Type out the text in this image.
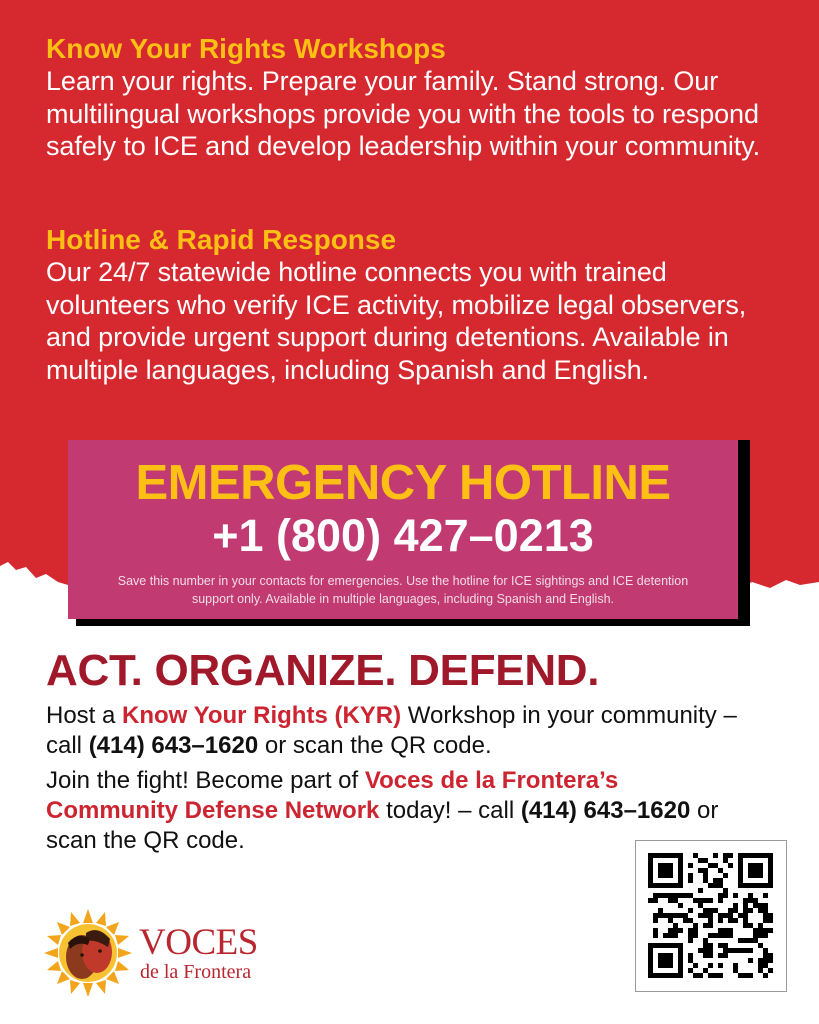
Know Your Rights Workshops

Learn your rights. Prepare your family. Stand strong. Our multilingual workshops provide you with the tools to respond safely to ICE and develop leadership within your community.

Hotline & Rapid Response

Our 24/7 statewide hotline connects you with trained volunteers who verify ICE activity, mobilize legal observers, and provide urgent support during detentions. Available in multiple languages, including Spanish and English.

EMERGENCY HOTLINE

+1 (800) 427–0213

Save this number in your contacts for emergencies. Use the hotline for ICE sightings and ICE detention support only. Available in multiple languages, including Spanish and English.

ACT. ORGANIZE. DEFEND.

Host a Know Your Rights (KYR) Workshop in your community – call (414) 643–1620 or scan the QR code.

Join the fight! Become part of Voces de la Frontera’s Community Defense Network today! – call (414) 643–1620 or scan the QR code.

VOCES

de la Frontera
